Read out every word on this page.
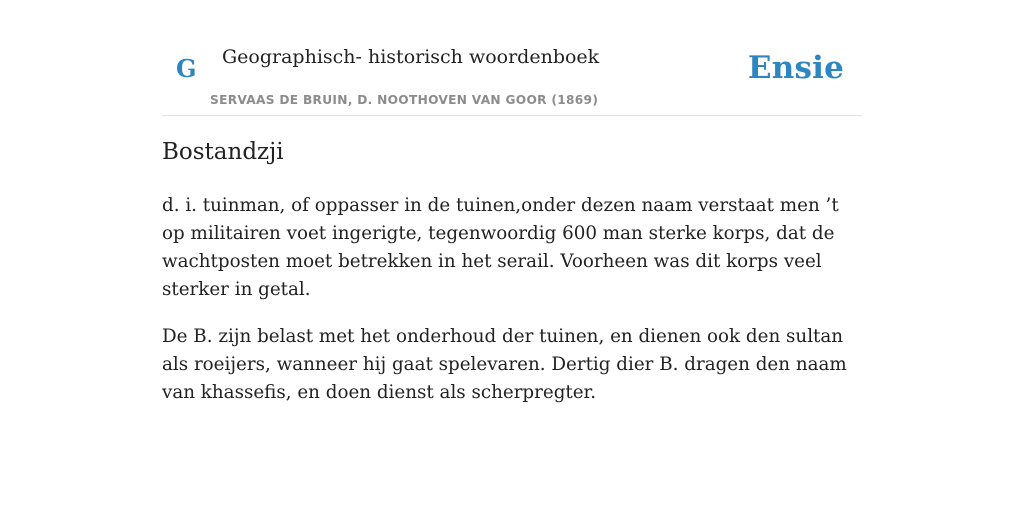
G Geographisch- historisch woordenboek
SERVAAS DE BRUIN, D. NOOTHOVEN VAN GOOR (1869)
Ensie
Bostandzji

d. i. tuinman, of oppasser in de tuinen,onder dezen naam verstaat men ’t op militairen voet ingerigte, tegenwoordig 600 man sterke korps, dat de wachtposten moet betrekken in het serail. Voorheen was dit korps veel sterker in getal.

De B. zijn belast met het onderhoud der tuinen, en dienen ook den sultan als roeijers, wanneer hij gaat spelevaren. Dertig dier B. dragen den naam van khassefis, en doen dienst als scherpregter.
